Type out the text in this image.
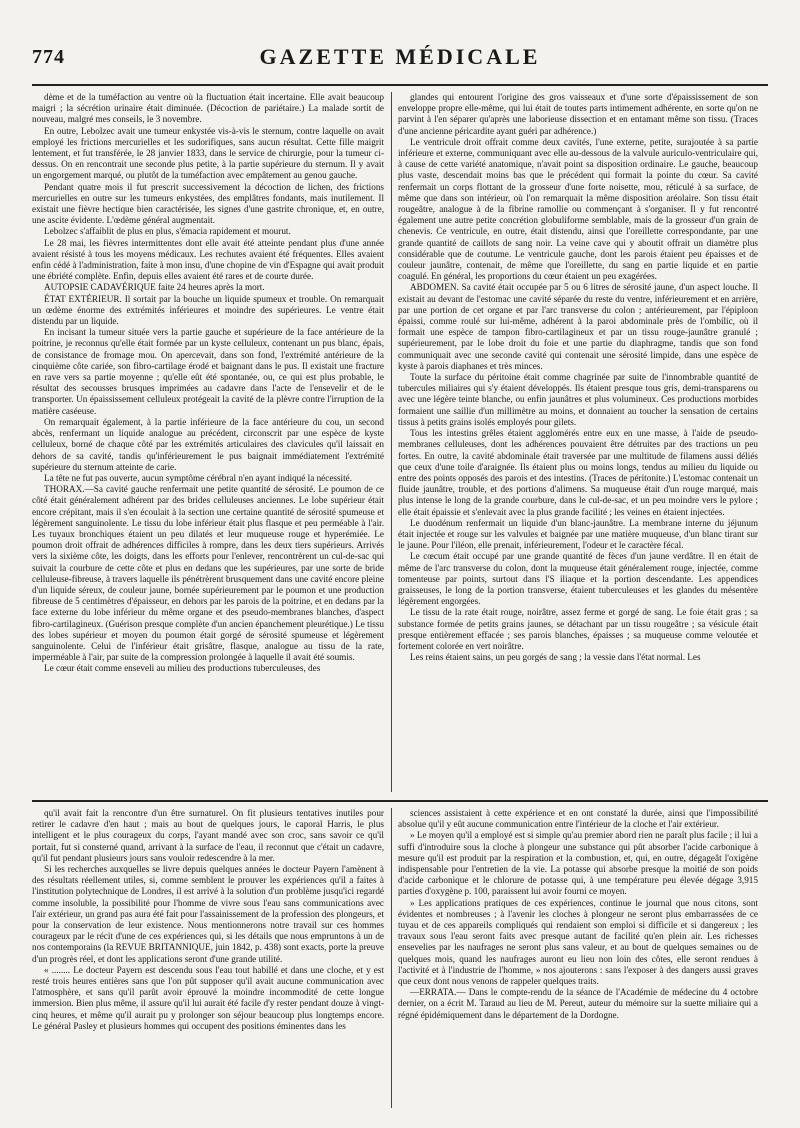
774	GAZETTE MÉDICALE

dème et de la tuméfaction au ventre où la fluctuation était incertaine. Elle avait beaucoup maigri ; la sécrétion urinaire était diminuée. (Décoction de pariétaire.) La malade sortit de nouveau, malgré mes conseils, le 3 novembre.

En outre, Lebolzec avait une tumeur enkystée vis-à-vis le sternum, contre laquelle on avait employé les frictions mercurielles et les sudorifiques, sans aucun résultat. Cette fille maigrit lentement, et fut transférée, le 28 janvier 1833, dans le service de chirurgie, pour la tumeur ci-dessus. On en rencontrait une seconde plus petite, à la partie supérieure du sternum. Il y avait un engorgement marqué, ou plutôt de la tuméfaction avec empâtement au genou gauche.

Pendant quatre mois il fut prescrit successivement la décoction de lichen, des frictions mercurielles en outre sur les tumeurs enkystées, des emplâtres fondants, mais inutilement. Il existait une fièvre hectique bien caractérisée, les signes d'une gastrite chronique, et, en outre, une ascite évidente. L'œdème général augmentait.

Lebolzec s'affaiblit de plus en plus, s'émacia rapidement et mourut.

Le 28 mai, les fièvres intermittentes dont elle avait été atteinte pendant plus d'une année avaient résisté à tous les moyens médicaux. Les rechutes avaient été fréquentes. Elles avaient enfin cédé à l'administration, faite à mon insu, d'une chopine de vin d'Espagne qui avait produit une ébriété complète. Enfin, depuis elles avaient été rares et de courte durée.

AUTOPSIE CADAVÉRIQUE faite 24 heures après la mort.

ÉTAT EXTÉRIEUR. Il sortait par la bouche un liquide spumeux et trouble. On remarquait un œdème énorme des extrémités inférieures et moindre des supérieures. Le ventre était distendu par un liquide.

En incisant la tumeur située vers la partie gauche et supérieure de la face antérieure de la poitrine, je reconnus qu'elle était formée par un kyste celluleux, contenant un pus blanc, épais, de consistance de fromage mou. On apercevait, dans son fond, l'extrémité antérieure de la cinquième côte cariée, son fibro-cartilage érodé et baignant dans le pus. Il existait une fracture en rave vers sa partie moyenne ; qu'elle eût été spontanée, ou, ce qui est plus probable, le résultat des secousses brusques imprimées au cadavre dans l'acte de l'ensevelir et de le transporter. Un épaississement celluleux protégeait la cavité de la plèvre contre l'irruption de la matière caséeuse.

On remarquait également, à la partie inférieure de la face antérieure du cou, un second abcès, renfermant un liquide analogue au précédent, circonscrit par une espèce de kyste celluleux, borné de chaque côté par les extrémités articulaires des clavicules qu'il laissait en dehors de sa cavité, tandis qu'inférieurement le pus baignait immédiatement l'extrémité supérieure du sternum atteinte de carie.

La tête ne fut pas ouverte, aucun symptôme cérébral n'en ayant indiqué la nécessité.

THORAX.—Sa cavité gauche renfermait une petite quantité de sérosité. Le poumon de ce côté était généralement adhérent par des brides celluleuses anciennes. Le lobe supérieur était encore crépitant, mais il s'en écoulait à la section une certaine quantité de sérosité spumeuse et légèrement sanguinolente. Le tissu du lobe inférieur était plus flasque et peu perméable à l'air. Les tuyaux bronchiques étaient un peu dilatés et leur muqueuse rouge et hyperémiée. Le poumon droit offrait de adhérences difficiles à rompre, dans les deux tiers supérieurs. Arrivés vers la sixième côte, les doigts, dans les efforts pour l'enlever, rencontrèrent un cul-de-sac qui suivait la courbure de cette côte et plus en dedans que les supérieures, par une sorte de bride celluleuse-fibreuse, à travers laquelle ils pénétrèrent brusquement dans une cavité encore pleine d'un liquide séreux, de couleur jaune, bornée supérieurement par le poumon et une production fibreuse de 5 centimètres d'épaisseur, en dehors par les parois de la poitrine, et en dedans par la face externe du lobe inférieur du même organe et des pseudo-membranes blanches, d'aspect fibro-cartilagineux. (Guérison presque complète d'un ancien épanchement pleurétique.) Le tissu des lobes supérieur et moyen du poumon était gorgé de sérosité spumeuse et légèrement sanguinolente. Celui de l'inférieur était grisâtre, flasque, analogue au tissu de la rate, imperméable à l'air, par suite de la compression prolongée à laquelle il avait été soumis.

Le cœur était comme enseveli au milieu des productions tuberculeuses, des

glandes qui entourent l'origine des gros vaisseaux et d'une sorte d'épaississement de son enveloppe propre elle-même, qui lui était de toutes parts intimement adhérente, en sorte qu'on ne parvint à l'en séparer qu'après une laborieuse dissection et en entamant même son tissu. (Traces d'une ancienne péricardite ayant guéri par adhérence.)

Le ventricule droit offrait comme deux cavités, l'une externe, petite, surajoutée à sa partie inférieure et externe, communiquant avec elle au-dessous de la valvule auriculo-ventriculaire qui, à cause de cette variété anatomique, n'avait point sa disposition ordinaire. Le gauche, beaucoup plus vaste, descendait moins bas que le précédent qui formait la pointe du cœur. Sa cavité renfermait un corps flottant de la grosseur d'une forte noisette, mou, réticulé à sa surface, de même que dans son intérieur, où l'on remarquait la même disposition aréolaire. Son tissu était rougeâtre, analogue à de la fibrine ramollie ou commençant à s'organiser. Il y fut rencontré également une autre petite concrétion globuliforme semblable, mais de la grosseur d'un grain de chenevis. Ce ventricule, en outre, était distendu, ainsi que l'oreillette correspondante, par une grande quantité de caillots de sang noir. La veine cave qui y aboutit offrait un diamètre plus considérable que de coutume. Le ventricule gauche, dont les parois étaient peu épaisses et de couleur jaunâtre, contenait, de même que l'oreillette, du sang en partie liquide et en partie coagulé. En général, les proportions du cœur étaient un peu exagérées.

ABDOMEN. Sa cavité était occupée par 5 ou 6 litres de sérosité jaune, d'un aspect louche. Il existait au devant de l'estomac une cavité séparée du reste du ventre, inférieurement et en arrière, par une portion de cet organe et par l'arc transverse du colon ; antérieurement, par l'épiploon épaissi, comme roulé sur lui-même, adhérent à la paroi abdominale près de l'ombilic, où il formait une espèce de tampon fibro-cartilagineux et par un tissu rouge-jaunâtre granulé ; supérieurement, par le lobe droit du foie et une partie du diaphragme, tandis que son fond communiquait avec une seconde cavité qui contenait une sérosité limpide, dans une espèce de kyste à parois diaphanes et très minces.

Toute la surface du péritoine était comme chagrinée par suite de l'innombrable quantité de tubercules miliaires qui s'y étaient développés. Ils étaient presque tous gris, demi-transparens ou avec une légère teinte blanche, ou enfin jaunâtres et plus volumineux. Ces productions morbides formaient une saillie d'un millimètre au moins, et donnaient au toucher la sensation de certains tissus à petits grains isolés employés pour gilets.

Tous les intestins grêles étaient agglomérés entre eux en une masse, à l'aide de pseudo-membranes celluleuses, dont les adhérences pouvaient être détruites par des tractions un peu fortes. En outre, la cavité abdominale était traversée par une multitude de filamens aussi déliés que ceux d'une toile d'araignée. Ils étaient plus ou moins longs, tendus au milieu du liquide ou entre des points opposés des parois et des intestins. (Traces de péritonite.) L'estomac contenait un fluide jaunâtre, trouble, et des portions d'alimens. Sa muqueuse était d'un rouge marqué, mais plus intense le long de la grande courbure, dans le cul-de-sac, et un peu moindre vers le pylore ; elle était épaissie et s'enlevait avec la plus grande facilité ; les veines en étaient injectées.

Le duodénum renfermait un liquide d'un blanc-jaunâtre. La membrane interne du jéjunum était injectée et rouge sur les valvules et baignée par une matière muqueuse, d'un blanc tirant sur le jaune. Pour l'iléon, elle prenait, inférieurement, l'odeur et le caractère fécal.

Le cœcum était occupé par une grande quantité de fèces d'un jaune verdâtre. Il en était de même de l'arc transverse du colon, dont la muqueuse était généralement rouge, injectée, comme tomenteuse par points, surtout dans l'S iliaque et la portion descendante. Les appendices graisseuses, le long de la portion transverse, étaient tuberculeuses et les glandes du mésentère légèrement engorgées.

Le tissu de la rate était rouge, noirâtre, assez ferme et gorgé de sang. Le foie était gras ; sa substance formée de petits grains jaunes, se détachant par un tissu rougeâtre ; sa vésicule était presque entièrement effacée ; ses parois blanches, épaisses ; sa muqueuse comme veloutée et fortement colorée en vert noirâtre.

Les reins étaient sains, un peu gorgés de sang ; la vessie dans l'état normal. Les

qu'il avait fait la rencontre d'un être surnaturel. On fit plusieurs tentatives inutiles pour retirer le cadavre d'en haut ; mais au bout de quelques jours, le caporal Harris, le plus intelligent et le plus courageux du corps, l'ayant mandé avec son croc, sans savoir ce qu'il portait, fut si consterné quand, arrivant à la surface de l'eau, il reconnut que c'était un cadavre, qu'il fut pendant plusieurs jours sans vouloir redescendre à la mer.

Si les recherches auxquelles se livre depuis quelques années le docteur Payern l'amènent à des résultats réellement utiles, si, comme semblent le prouver les expériences qu'il a faites à l'institution polytechnique de Londres, il est arrivé à la solution d'un problème jusqu'ici regardé comme insoluble, la possibilité pour l'homme de vivre sous l'eau sans communications avec l'air extérieur, un grand pas aura été fait pour l'assainissement de la profession des plongeurs, et pour la conservation de leur existence. Nous mentionnerons notre travail sur ces hommes courageux par le récit d'une de ces expériences qui, si les détails que nous empruntons à un de nos contemporains (la REVUE BRITANNIQUE, juin 1842, p. 438) sont exacts, porte la preuve d'un progrès réel, et dont les applications seront d'une grande utilité.

« ........ Le docteur Payern est descendu sous l'eau tout habillé et dans une cloche, et y est resté trois heures entières sans que l'on pût supposer qu'il avait aucune communication avec l'atmosphère, et sans qu'il parût avoir éprouvé la moindre incommodité de cette longue immersion. Bien plus même, il assure qu'il lui aurait été facile d'y rester pendant douze à vingt-cinq heures, et même qu'il aurait pu y prolonger son séjour beaucoup plus longtemps encore. Le général Pasley et plusieurs hommes qui occupent des positions éminentes dans les

sciences assistaient à cette expérience et en ont constaté la durée, ainsi que l'impossibilité absolue qu'il y eût aucune communication entre l'intérieur de la cloche et l'air extérieur.

» Le moyen qu'il a employé est si simple qu'au premier abord rien ne paraît plus facile ; il lui a suffi d'introduire sous la cloche à plongeur une substance qui pût absorber l'acide carbonique à mesure qu'il est produit par la respiration et la combustion, et, qui, en outre, dégageât l'oxigène indispensable pour l'entretien de la vie. La potasse qui absorbe presque la moitié de son poids d'acide carbonique et le chlorure de potasse qui, à une température peu élevée dégage 3,915 parties d'oxygène p. 100, paraissent lui avoir fourni ce moyen.

» Les applications pratiques de ces expériences, continue le journal que nous citons, sont évidentes et nombreuses ; à l'avenir les cloches à plongeur ne seront plus embarrassées de ce tuyau et de ces appareils compliqués qui rendaient son emploi si difficile et si dangereux ; les travaux sous l'eau seront faits avec presque autant de facilité qu'en plein air. Les richesses ensevelies par les naufrages ne seront plus sans valeur, et au bout de quelques semaines ou de quelques mois, quand les naufrages auront eu lieu non loin des côtes, elle seront rendues à l'activité et à l'industrie de l'homme, » nos ajouterons : sans l'exposer à des dangers aussi graves que ceux dont nous venons de rappeler quelques traits.

—ERRATA.— Dans le compte-rendu de la séance de l'Académie de médecine du 4 octobre dernier, on a écrit M. Taraud au lieu de M. Pereut, auteur du mémoire sur la suette miliaire qui a régné épidémiquement dans le département de la Dordogne.
